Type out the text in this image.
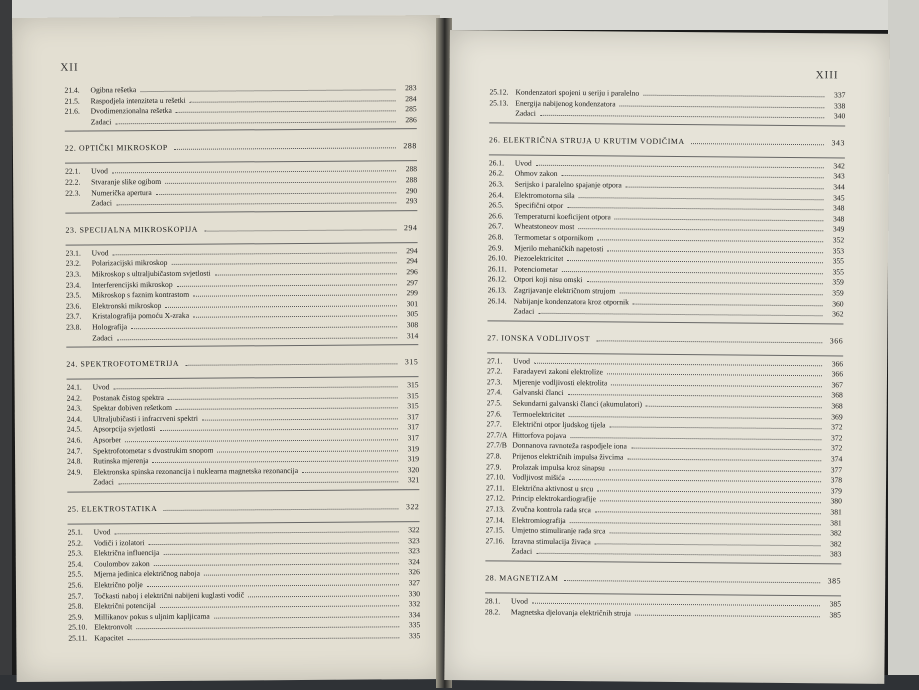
XII
21.4.	Ogibna rešetka	283
21.5.	Raspodjela intenziteta u rešetki	284
21.6.	Dvodimenzionalna rešetka	285
Zadaci	286
22. OPTIČKI MIKROSKOP	288
22.1.	Uvod	288
22.2.	Stvaranje slike ogibom	288
22.3.	Numerička apertura	290
Zadaci	293
23. SPECIJALNA MIKROSKOPIJA	294
23.1.	Uvod	294
23.2.	Polarizacijski mikroskop	294
23.3.	Mikroskop s ultraljubičastom svjetlosti	296
23.4.	Interferencijski mikroskop	297
23.5.	Mikroskop s faznim kontrastom	299
23.6.	Elektronski mikroskop	301
23.7.	Kristalografija pomoću X-zraka	305
23.8.	Holografija	308
Zadaci	314
24. SPEKTROFOTOMETRIJA	315
24.1.	Uvod	315
24.2.	Postanak čistog spektra	315
24.3.	Spektar dobiven rešetkom	315
24.4.	Ultraljubičasti i infracrveni spektri	317
24.5.	Apsorpcija svjetlosti	317
24.6.	Apsorber	317
24.7.	Spektrofotometar s dvostrukim snopom	319
24.8.	Rutinska mjerenja	319
24.9.	Elektronska spinska rezonancija i nuklearna magnetska rezonancija	320
Zadaci	321
25. ELEKTROSTATIKA	322
25.1.	Uvod	322
25.2.	Vodiči i izolatori	323
25.3.	Električna influencija	323
25.4.	Coulombov zakon	324
25.5.	Mjerna jedinica električnog naboja	326
25.6.	Električno polje	327
25.7.	Točkasti naboj i električni nabijeni kuglasti vodič	330
25.8.	Električni potencijal	332
25.9.	Millikanov pokus s uljnim kapljicama	334
25.10. Elektronvolt	335
25.11. Kapacitet	335
XIII
25.12. Kondenzatori spojeni u seriju i paralelno	337
25.13. Energija nabijenog kondenzatora	338
Zadaci	340
26. ELEKTRIČNA STRUJA U KRUTIM VODIČIMA	343
26.1.	Uvod	342
26.2.	Ohmov zakon	343
26.3.	Serijsko i paralelno spajanje otpora	344
26.4.	Elektromotorna sila	345
26.5.	Specifični otpor	348
26.6.	Temperaturni koeficijent otpora	348
26.7.	Wheatstoneov most	349
26.8.	Termometar s otpornikom	352
26.9.	Mjerilo mehaničkih napetosti	353
26.10. Piezoelektricitet	355
26.11. Potenciometar	355
26.12. Otpori koji nisu omski	359
26.13. Zagrijavanje električnom strujom	359
26.14. Nabijanje kondenzatora kroz otpornik	360
Zadaci	362
27. IONSKA VODLJIVOST	366
27.1.	Uvod	366
27.2.	Faradayevi zakoni elektrolize	366
27.3.	Mjerenje vodljivosti elektrolita	367
27.4.	Galvanski članci	368
27.5.	Sekundarni galvanski članci (akumulatori)	368
27.6.	Termoelektricitet	369
27.7.	Električni otpor ljudskog tijela	372
27.7/A Hittorfova pojava	372
27.7/B Donnanova ravnoteža raspodjele iona	372
27.8.	Prijenos električnih impulsa živcima	374
27.9.	Prolazak impulsa kroz sinapsu	377
27.10. Vodljivost mišića	378
27.11. Električna aktivnost u srcu	379
27.12. Princip elektrokardiografije	380
27.13. Zvučna kontrola rada srca	381
27.14. Elektromiografija	381
27.15. Umjetno stimuliranje rada srca	382
27.16. Izravna stimulacija živaca	382
Zadaci	383
28. MAGNETIZAM	385
28.1.	Uvod	385
28.2.	Magnetska djelovanja električnih struja	385
